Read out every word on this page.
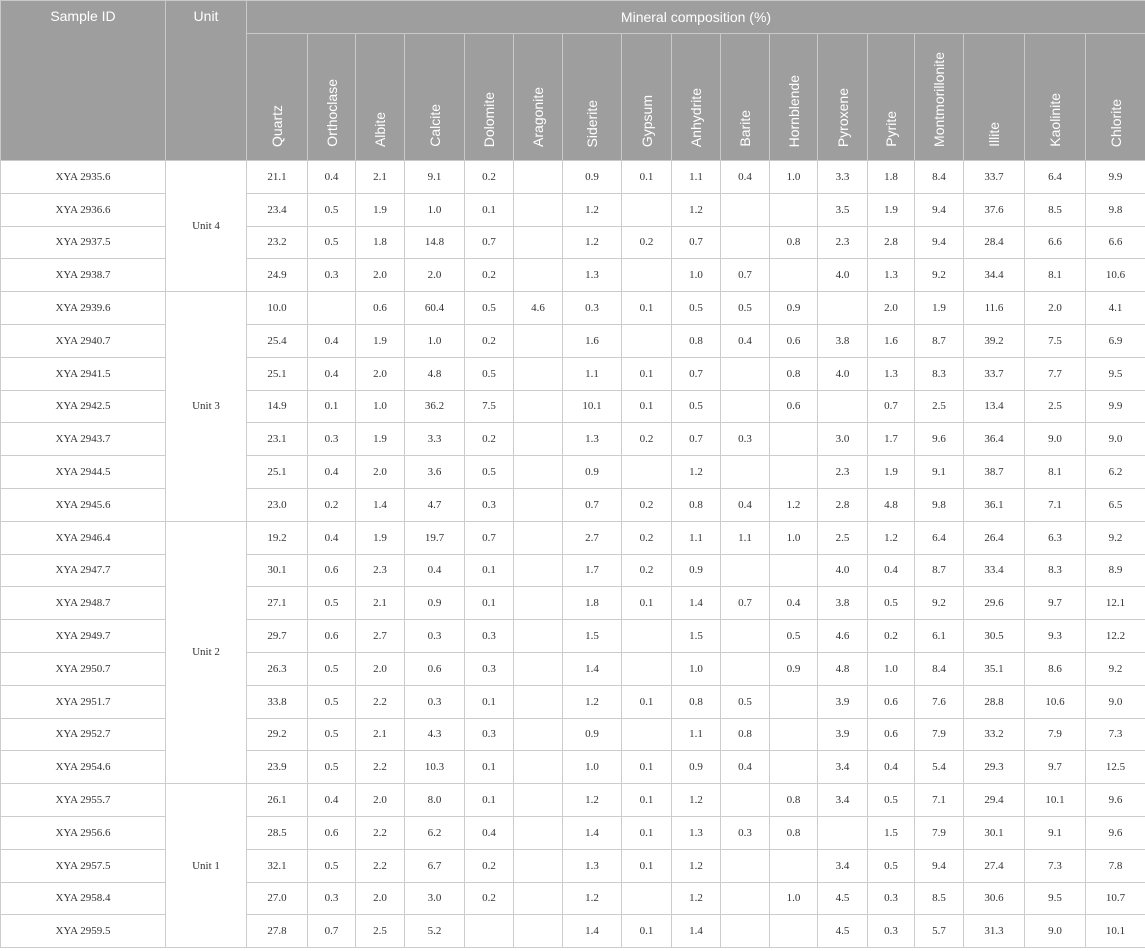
Sample ID	Unit	Mineral composition (%)																
		Quartz	Orthoclase	Albite	Calcite	Dolomite	Aragonite	Siderite	Gypsum	Anhydrite	Barite	Hornblende	Pyroxene	Pyrite	Montmorillonite	Illite	Kaolinite	Chlorite
XYA 2935.6	Unit 4	21.1	0.4	2.1	9.1	0.2		0.9	0.1	1.1	0.4	1.0	3.3	1.8	8.4	33.7	6.4	9.9
XYA 2936.6		23.4	0.5	1.9	1.0	0.1		1.2		1.2			3.5	1.9	9.4	37.6	8.5	9.8
XYA 2937.5		23.2	0.5	1.8	14.8	0.7		1.2	0.2	0.7		0.8	2.3	2.8	9.4	28.4	6.6	6.6
XYA 2938.7		24.9	0.3	2.0	2.0	0.2		1.3		1.0	0.7		4.0	1.3	9.2	34.4	8.1	10.6
XYA 2939.6	Unit 3	10.0		0.6	60.4	0.5	4.6	0.3	0.1	0.5	0.5	0.9		2.0	1.9	11.6	2.0	4.1
XYA 2940.7		25.4	0.4	1.9	1.0	0.2		1.6		0.8	0.4	0.6	3.8	1.6	8.7	39.2	7.5	6.9
XYA 2941.5		25.1	0.4	2.0	4.8	0.5		1.1	0.1	0.7		0.8	4.0	1.3	8.3	33.7	7.7	9.5
XYA 2942.5		14.9	0.1	1.0	36.2	7.5		10.1	0.1	0.5		0.6		0.7	2.5	13.4	2.5	9.9
XYA 2943.7		23.1	0.3	1.9	3.3	0.2		1.3	0.2	0.7	0.3		3.0	1.7	9.6	36.4	9.0	9.0
XYA 2944.5		25.1	0.4	2.0	3.6	0.5		0.9		1.2			2.3	1.9	9.1	38.7	8.1	6.2
XYA 2945.6		23.0	0.2	1.4	4.7	0.3		0.7	0.2	0.8	0.4	1.2	2.8	4.8	9.8	36.1	7.1	6.5
XYA 2946.4	Unit 2	19.2	0.4	1.9	19.7	0.7		2.7	0.2	1.1	1.1	1.0	2.5	1.2	6.4	26.4	6.3	9.2
XYA 2947.7		30.1	0.6	2.3	0.4	0.1		1.7	0.2	0.9			4.0	0.4	8.7	33.4	8.3	8.9
XYA 2948.7		27.1	0.5	2.1	0.9	0.1		1.8	0.1	1.4	0.7	0.4	3.8	0.5	9.2	29.6	9.7	12.1
XYA 2949.7		29.7	0.6	2.7	0.3	0.3		1.5		1.5		0.5	4.6	0.2	6.1	30.5	9.3	12.2
XYA 2950.7		26.3	0.5	2.0	0.6	0.3		1.4		1.0		0.9	4.8	1.0	8.4	35.1	8.6	9.2
XYA 2951.7		33.8	0.5	2.2	0.3	0.1		1.2	0.1	0.8	0.5		3.9	0.6	7.6	28.8	10.6	9.0
XYA 2952.7		29.2	0.5	2.1	4.3	0.3		0.9		1.1	0.8		3.9	0.6	7.9	33.2	7.9	7.3
XYA 2954.6		23.9	0.5	2.2	10.3	0.1		1.0	0.1	0.9	0.4		3.4	0.4	5.4	29.3	9.7	12.5
XYA 2955.7	Unit 1	26.1	0.4	2.0	8.0	0.1		1.2	0.1	1.2		0.8	3.4	0.5	7.1	29.4	10.1	9.6
XYA 2956.6		28.5	0.6	2.2	6.2	0.4		1.4	0.1	1.3	0.3	0.8		1.5	7.9	30.1	9.1	9.6
XYA 2957.5		32.1	0.5	2.2	6.7	0.2		1.3	0.1	1.2			3.4	0.5	9.4	27.4	7.3	7.8
XYA 2958.4		27.0	0.3	2.0	3.0	0.2		1.2		1.2		1.0	4.5	0.3	8.5	30.6	9.5	10.7
XYA 2959.5		27.8	0.7	2.5	5.2			1.4	0.1	1.4			4.5	0.3	5.7	31.3	9.0	10.1
